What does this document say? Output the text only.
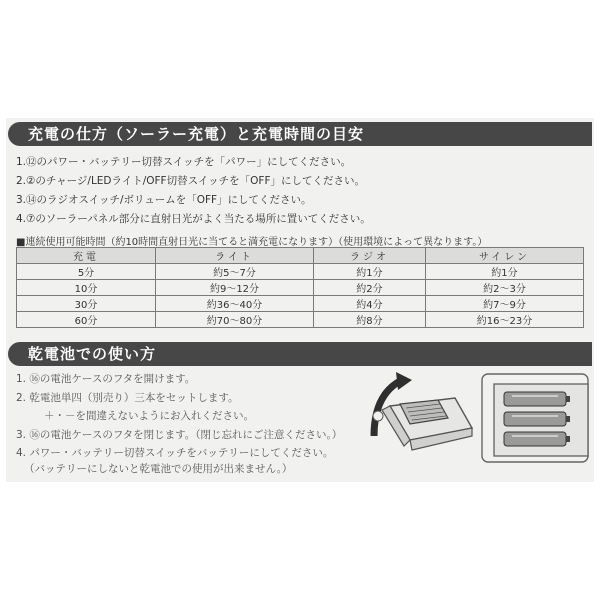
充電の仕方（ソーラー充電）と充電時間の目安
1.⑫のパワー・バッテリー切替スイッチを「パワー」にしてください。
2.②のチャージ/LEDライト/OFF切替スイッチを「OFF」にしてください。
3.⑭のラジオスイッチ/ボリュームを「OFF」にしてください。
4.⑦のソーラーパネル部分に直射日光がよく当たる場所に置いてください。
■連続使用可能時間（約10時間直射日光に当てると満充電になります）（使用環境によって異なります。）
充電	ライト	ラジオ	サイレン
5分	約5〜7分	約1分	約1分
10分	約9〜12分	約2分	約2〜3分
30分	約36〜40分	約4分	約7〜9分
60分	約70〜80分	約8分	約16〜23分
乾電池での使い方
1. ⑯の電池ケースのフタを開けます。
2. 乾電池単四（別売り）三本をセットします。
＋・－を間違えないようにお入れください。
3. ⑯の電池ケースのフタを閉じます。（閉じ忘れにご注意ください。）
4. パワー・バッテリー切替スイッチをバッテリーにしてください。
（バッテリーにしないと乾電池での使用が出来ません。）
